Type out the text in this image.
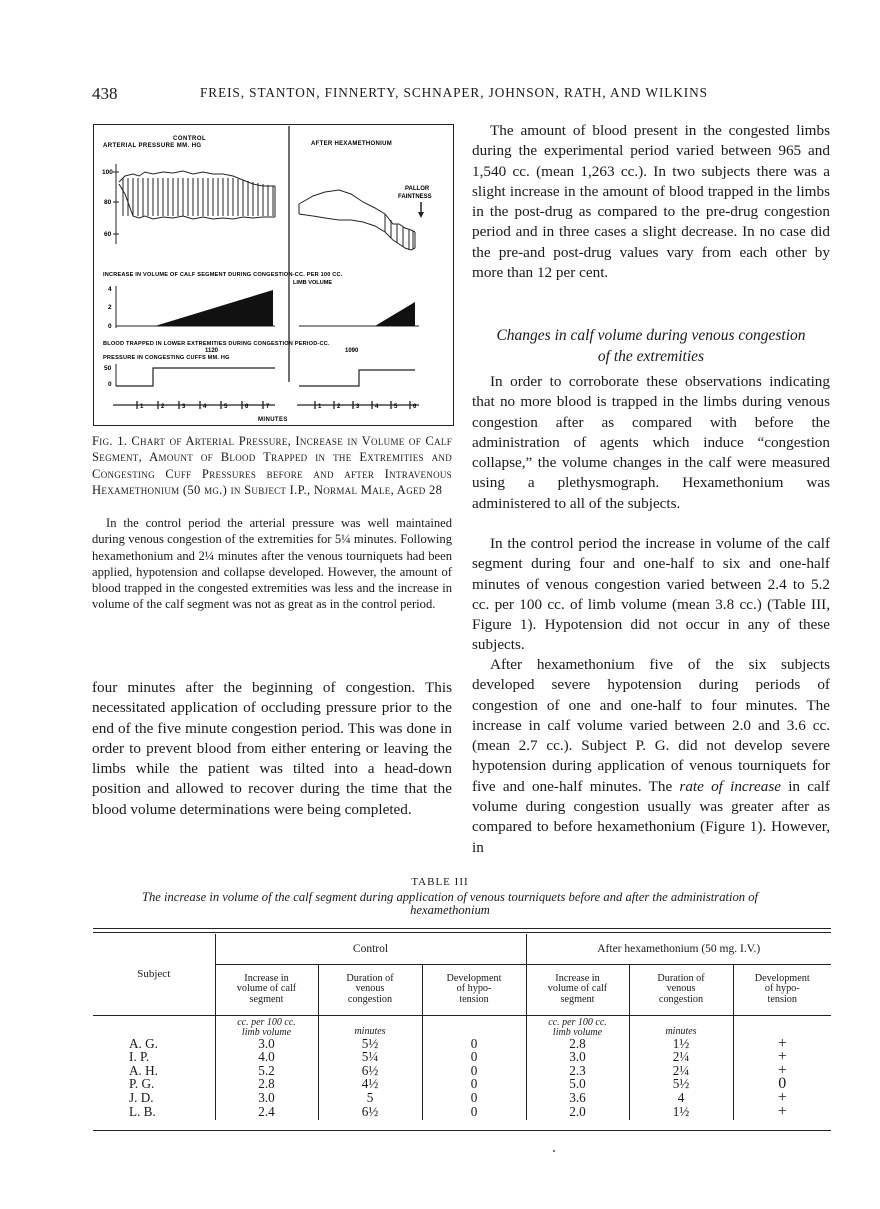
438	FREIS, STANTON, FINNERTY, SCHNAPER, JOHNSON, RATH, AND WILKINS
CONTROL
ARTERIAL PRESSURE MM. HG	AFTER HEXAMETHONIUM
100
80
60
PALLOR
FAINTNESS
INCREASE IN VOLUME OF CALF SEGMENT DURING CONGESTION-CC. PER 100 CC.
LIMB VOLUME
4
2
0
BLOOD TRAPPED IN LOWER EXTREMITIES DURING CONGESTION PERIOD-CC.
1120	1090
PRESSURE IN CONGESTING CUFFS MM. HG
50
0
1	2	3	4	5	6	7	1	2	3	4	5	6
MINUTES
Fig. 1. Chart of Arterial Pressure, Increase in Volume of Calf Segment, Amount of Blood Trapped in the Extremities and Congesting Cuff Pressures before and after Intravenous Hexamethonium (50 mg.) in Subject I.P., Normal Male, Aged 28
In the control period the arterial pressure was well maintained during venous congestion of the extremities for 5¼ minutes. Following hexamethonium and 2¼ minutes after the venous tourniquets had been applied, hypotension and collapse developed. However, the amount of blood trapped in the congested extremities was less and the increase in volume of the calf segment was not as great as in the control period.

four minutes after the beginning of congestion. This necessitated application of occluding pressure prior to the end of the five minute congestion period. This was done in order to prevent blood from either entering or leaving the limbs while the patient was tilted into a head-down position and allowed to recover during the time that the blood volume determinations were being completed.

The amount of blood present in the congested limbs during the experimental period varied between 965 and 1,540 cc. (mean 1,263 cc.). In two subjects there was a slight increase in the amount of blood trapped in the limbs in the post-drug as compared to the pre-drug congestion period and in three cases a slight decrease. In no case did the pre-and post-drug values vary from each other by more than 12 per cent.

Changes in calf volume during venous congestion
of the extremities

In order to corroborate these observations indicating that no more blood is trapped in the limbs during venous congestion after as compared with before the administration of agents which induce “congestion collapse,” the volume changes in the calf were measured using a plethysmograph. Hexamethonium was administered to all of the subjects.

In the control period the increase in volume of the calf segment during four and one-half to six and one-half minutes of venous congestion varied between 2.4 to 5.2 cc. per 100 cc. of limb volume (mean 3.8 cc.) (Table III, Figure 1). Hypotension did not occur in any of these subjects.

After hexamethonium five of the six subjects developed severe hypotension during periods of congestion of one and one-half to four minutes. The increase in calf volume varied between 2.0 and 3.6 cc. (mean 2.7 cc.). Subject P. G. did not develop severe hypotension during application of venous tourniquets for five and one-half minutes. The rate of increase in calf volume during congestion usually was greater after as compared to before hexamethonium (Figure 1). However, in

TABLE III
The increase in volume of the calf segment during application of venous tourniquets before and after the administration of hexamethonium
Subject	Control			After hexamethonium (50 mg. I.V.)		
	Increase in volume of calf segment	Duration of venous congestion	Development of hypo-tension	Increase in volume of calf segment	Duration of venous congestion	Development of hypo-tension
	cc. per 100 cc. limb volume	minutes		cc. per 100 cc. limb volume	minutes	
A. G.	3.0	5½	0	2.8	1½	+
I. P.	4.0	5¼	0	3.0	2¼	+
A. H.	5.2	6½	0	2.3	2¼	+
P. G.	2.8	4½	0	5.0	5½	0
J. D.	3.0	5	0	3.6	4	+
L. B.	2.4	6½	0	2.0	1½	+
